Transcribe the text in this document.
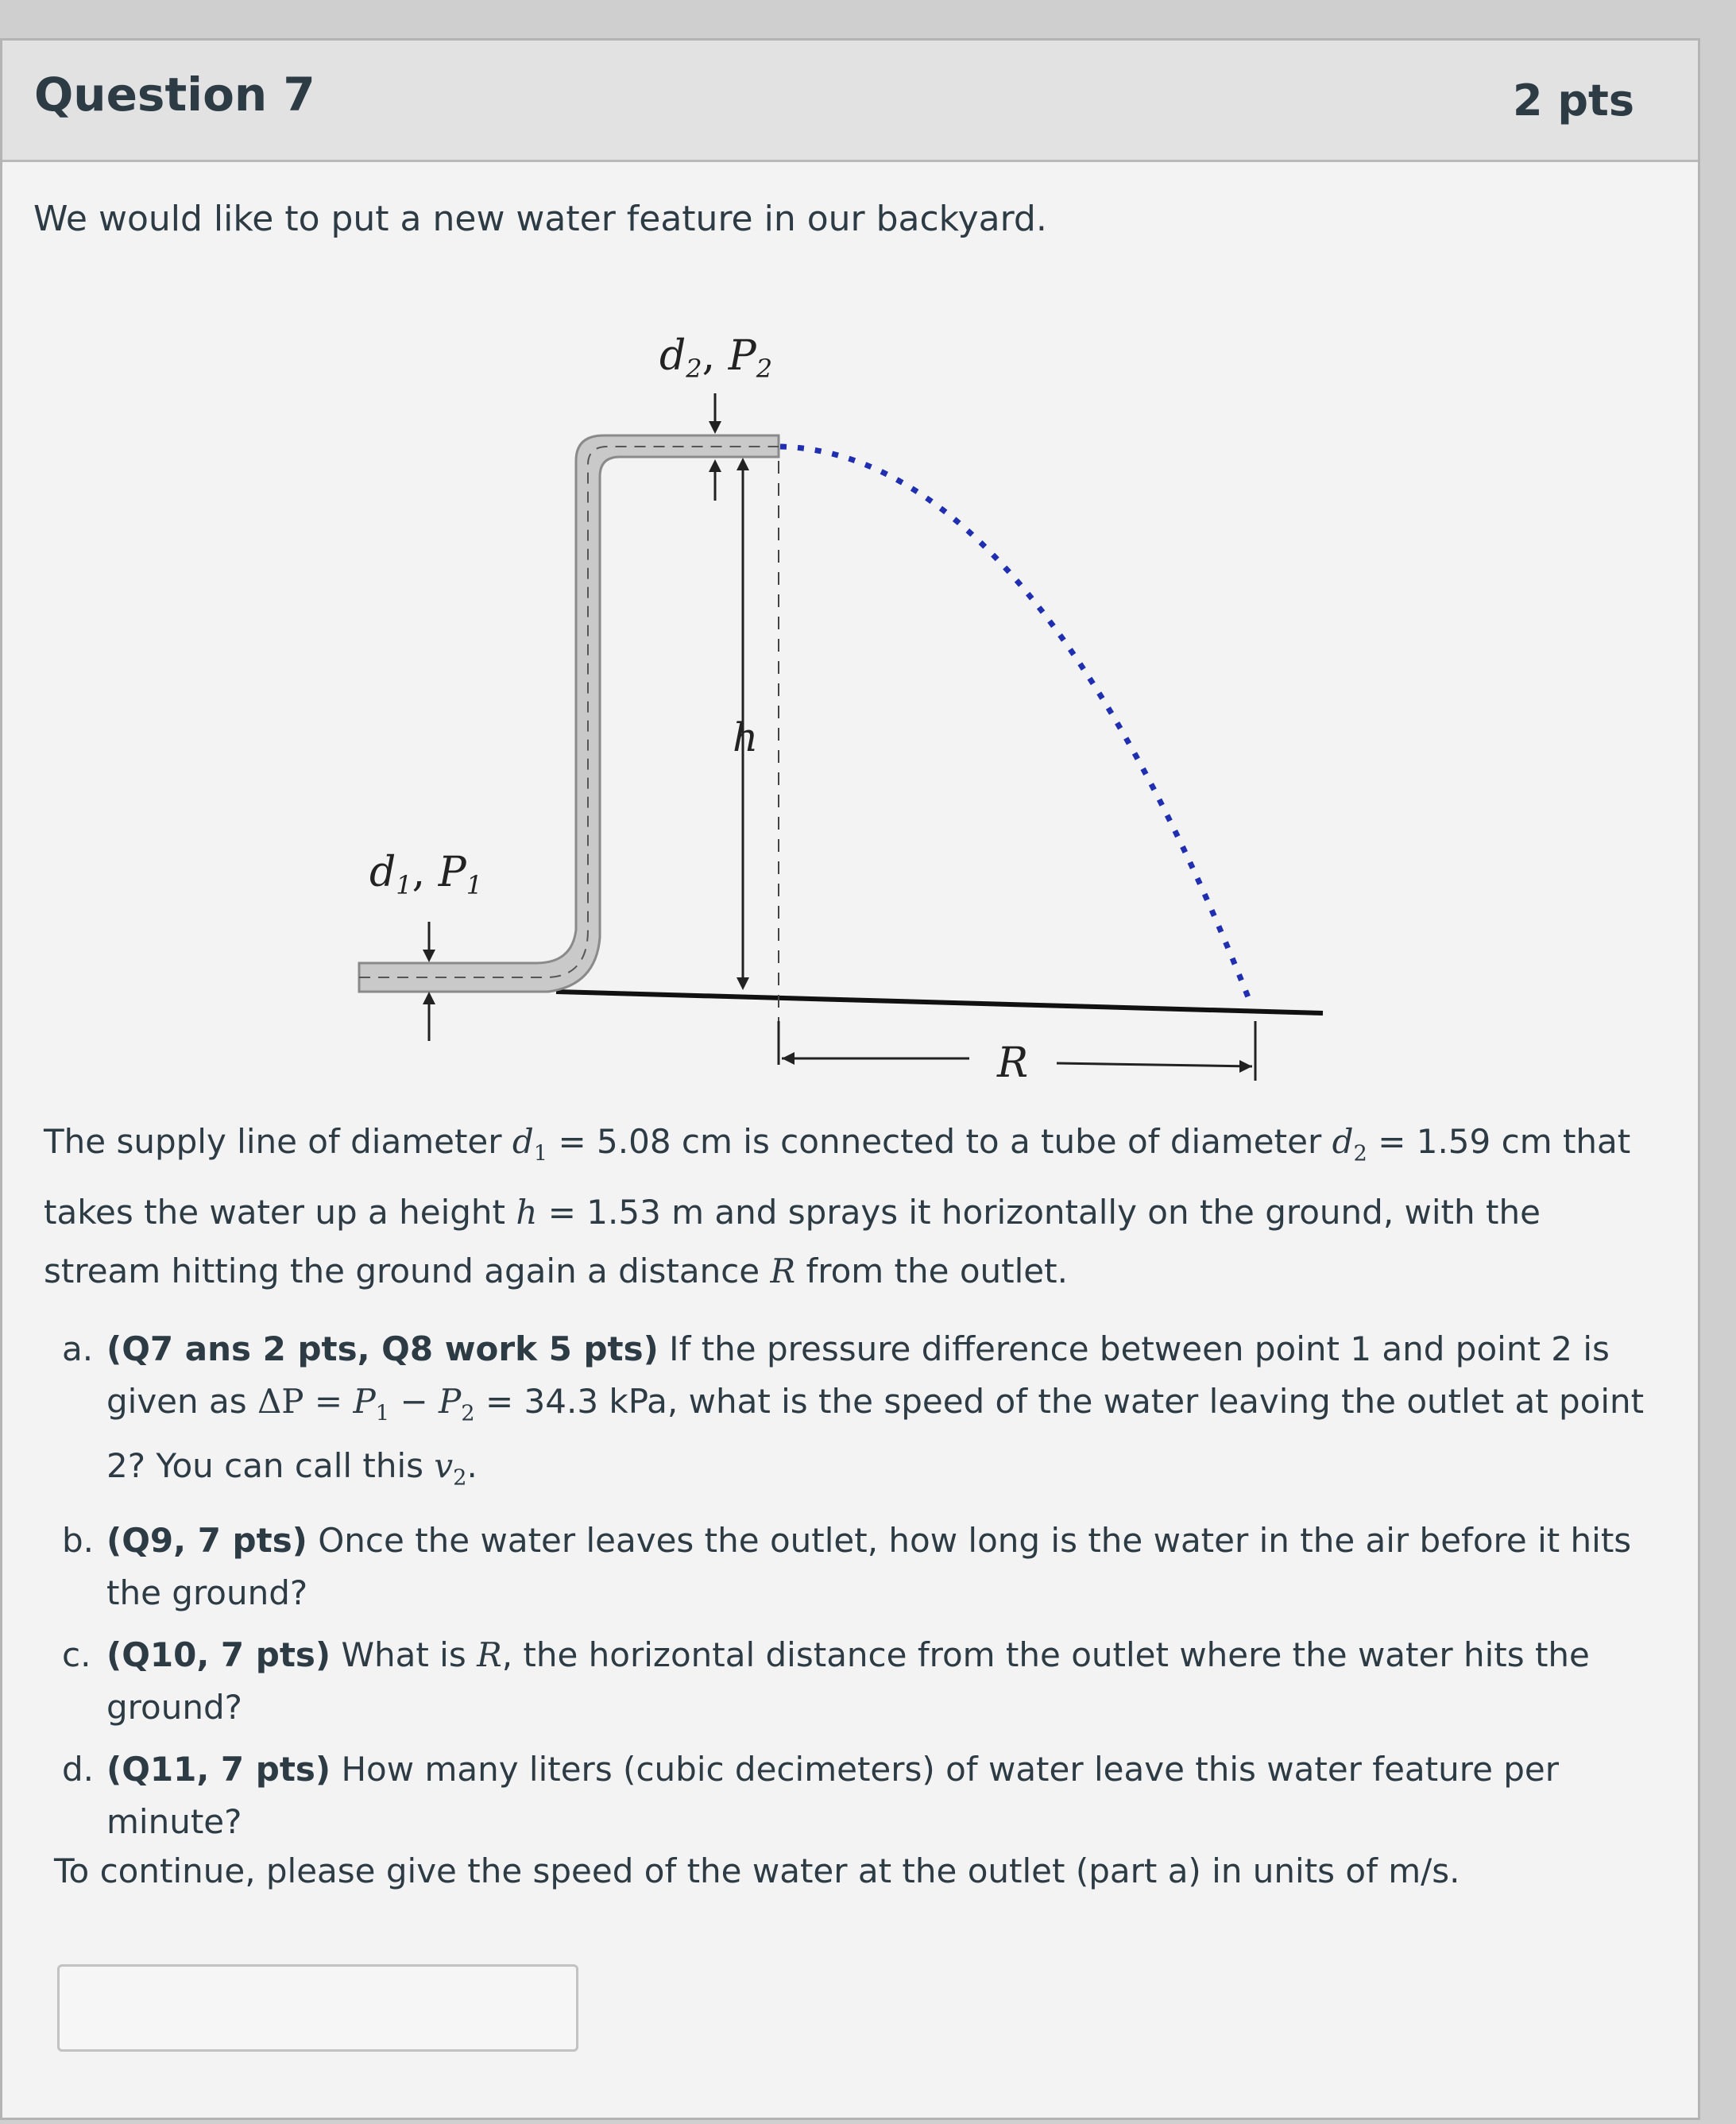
Question 7	2 pts
We would like to put a new water feature in our backyard.
d2, P2
d1, P1
h
R
The supply line of diameter $d_1 = 5.08$ cm is connected to a tube of diameter $d_2 = 1.59$ cm that takes the water up a height h = 1.53 m and sprays it horizontally on the ground, with the stream hitting the ground again a distance R from the outlet.
a. (Q7 ans 2 pts, Q8 work 5 pts) If the pressure difference between point 1 and point 2 is given as $\Delta P = P_1 - P_2 = 34.3$ kPa, what is the speed of the water leaving the outlet at point 2? You can call this $v_2$.
b. (Q9, 7 pts) Once the water leaves the outlet, how long is the water in the air before it hits the ground?
c. (Q10, 7 pts) What is R, the horizontal distance from the outlet where the water hits the ground?
d. (Q11, 7 pts) How many liters (cubic decimeters) of water leave this water feature per minute?
To continue, please give the speed of the water at the outlet (part a) in units of m/s.
